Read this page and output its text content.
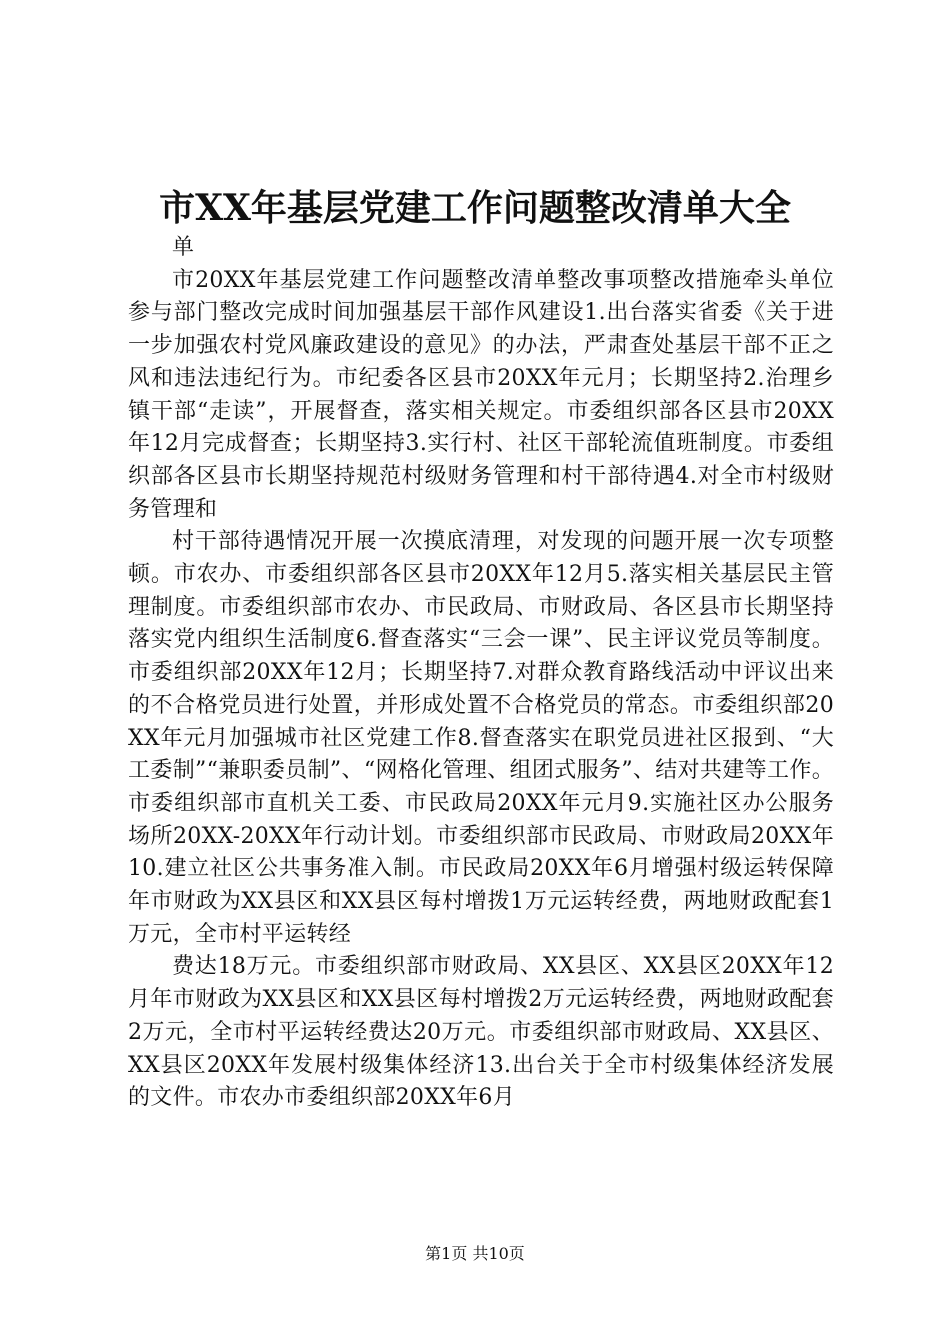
市XX年基层党建工作问题整改清单大全

单

市20XX年基层党建工作问题整改清单整改事项整改措施牵头单位参与部门整改完成时间加强基层干部作风建设1.出台落实省委《关于进一步加强农村党风廉政建设的意见》的办法，严肃查处基层干部不正之风和违法违纪行为。市纪委各区县市20XX年元月；长期坚持2.治理乡镇干部“走读”，开展督查，落实相关规定。市委组织部各区县市20XX年12月完成督查；长期坚持3.实行村、社区干部轮流值班制度。市委组织部各区县市长期坚持规范村级财务管理和村干部待遇4.对全市村级财务管理和

村干部待遇情况开展一次摸底清理，对发现的问题开展一次专项整顿。市农办、市委组织部各区县市20XX年12月5.落实相关基层民主管理制度。市委组织部市农办、市民政局、市财政局、各区县市长期坚持落实党内组织生活制度6.督查落实“三会一课”、民主评议党员等制度。市委组织部20XX年12月；长期坚持7.对群众教育路线活动中评议出来的不合格党员进行处置，并形成处置不合格党员的常态。市委组织部20XX年元月加强城市社区党建工作8.督查落实在职党员进社区报到、“大工委制”“兼职委员制”、“网格化管理、组团式服务”、结对共建等工作。市委组织部市直机关工委、市民政局20XX年元月9.实施社区办公服务场所20XX-20XX年行动计划。市委组织部市民政局、市财政局20XX年10.建立社区公共事务准入制。市民政局20XX年6月增强村级运转保障年市财政为XX县区和XX县区每村增拨1万元运转经费，两地财政配套1万元，全市村平运转经

费达18万元。市委组织部市财政局、XX县区、XX县区20XX年12月年市财政为XX县区和XX县区每村增拨2万元运转经费，两地财政配套2万元，全市村平运转经费达20万元。市委组织部市财政局、XX县区、XX县区20XX年发展村级集体经济13.出台关于全市村级集体经济发展的文件。市农办市委组织部20XX年6月

第1页 共10页
